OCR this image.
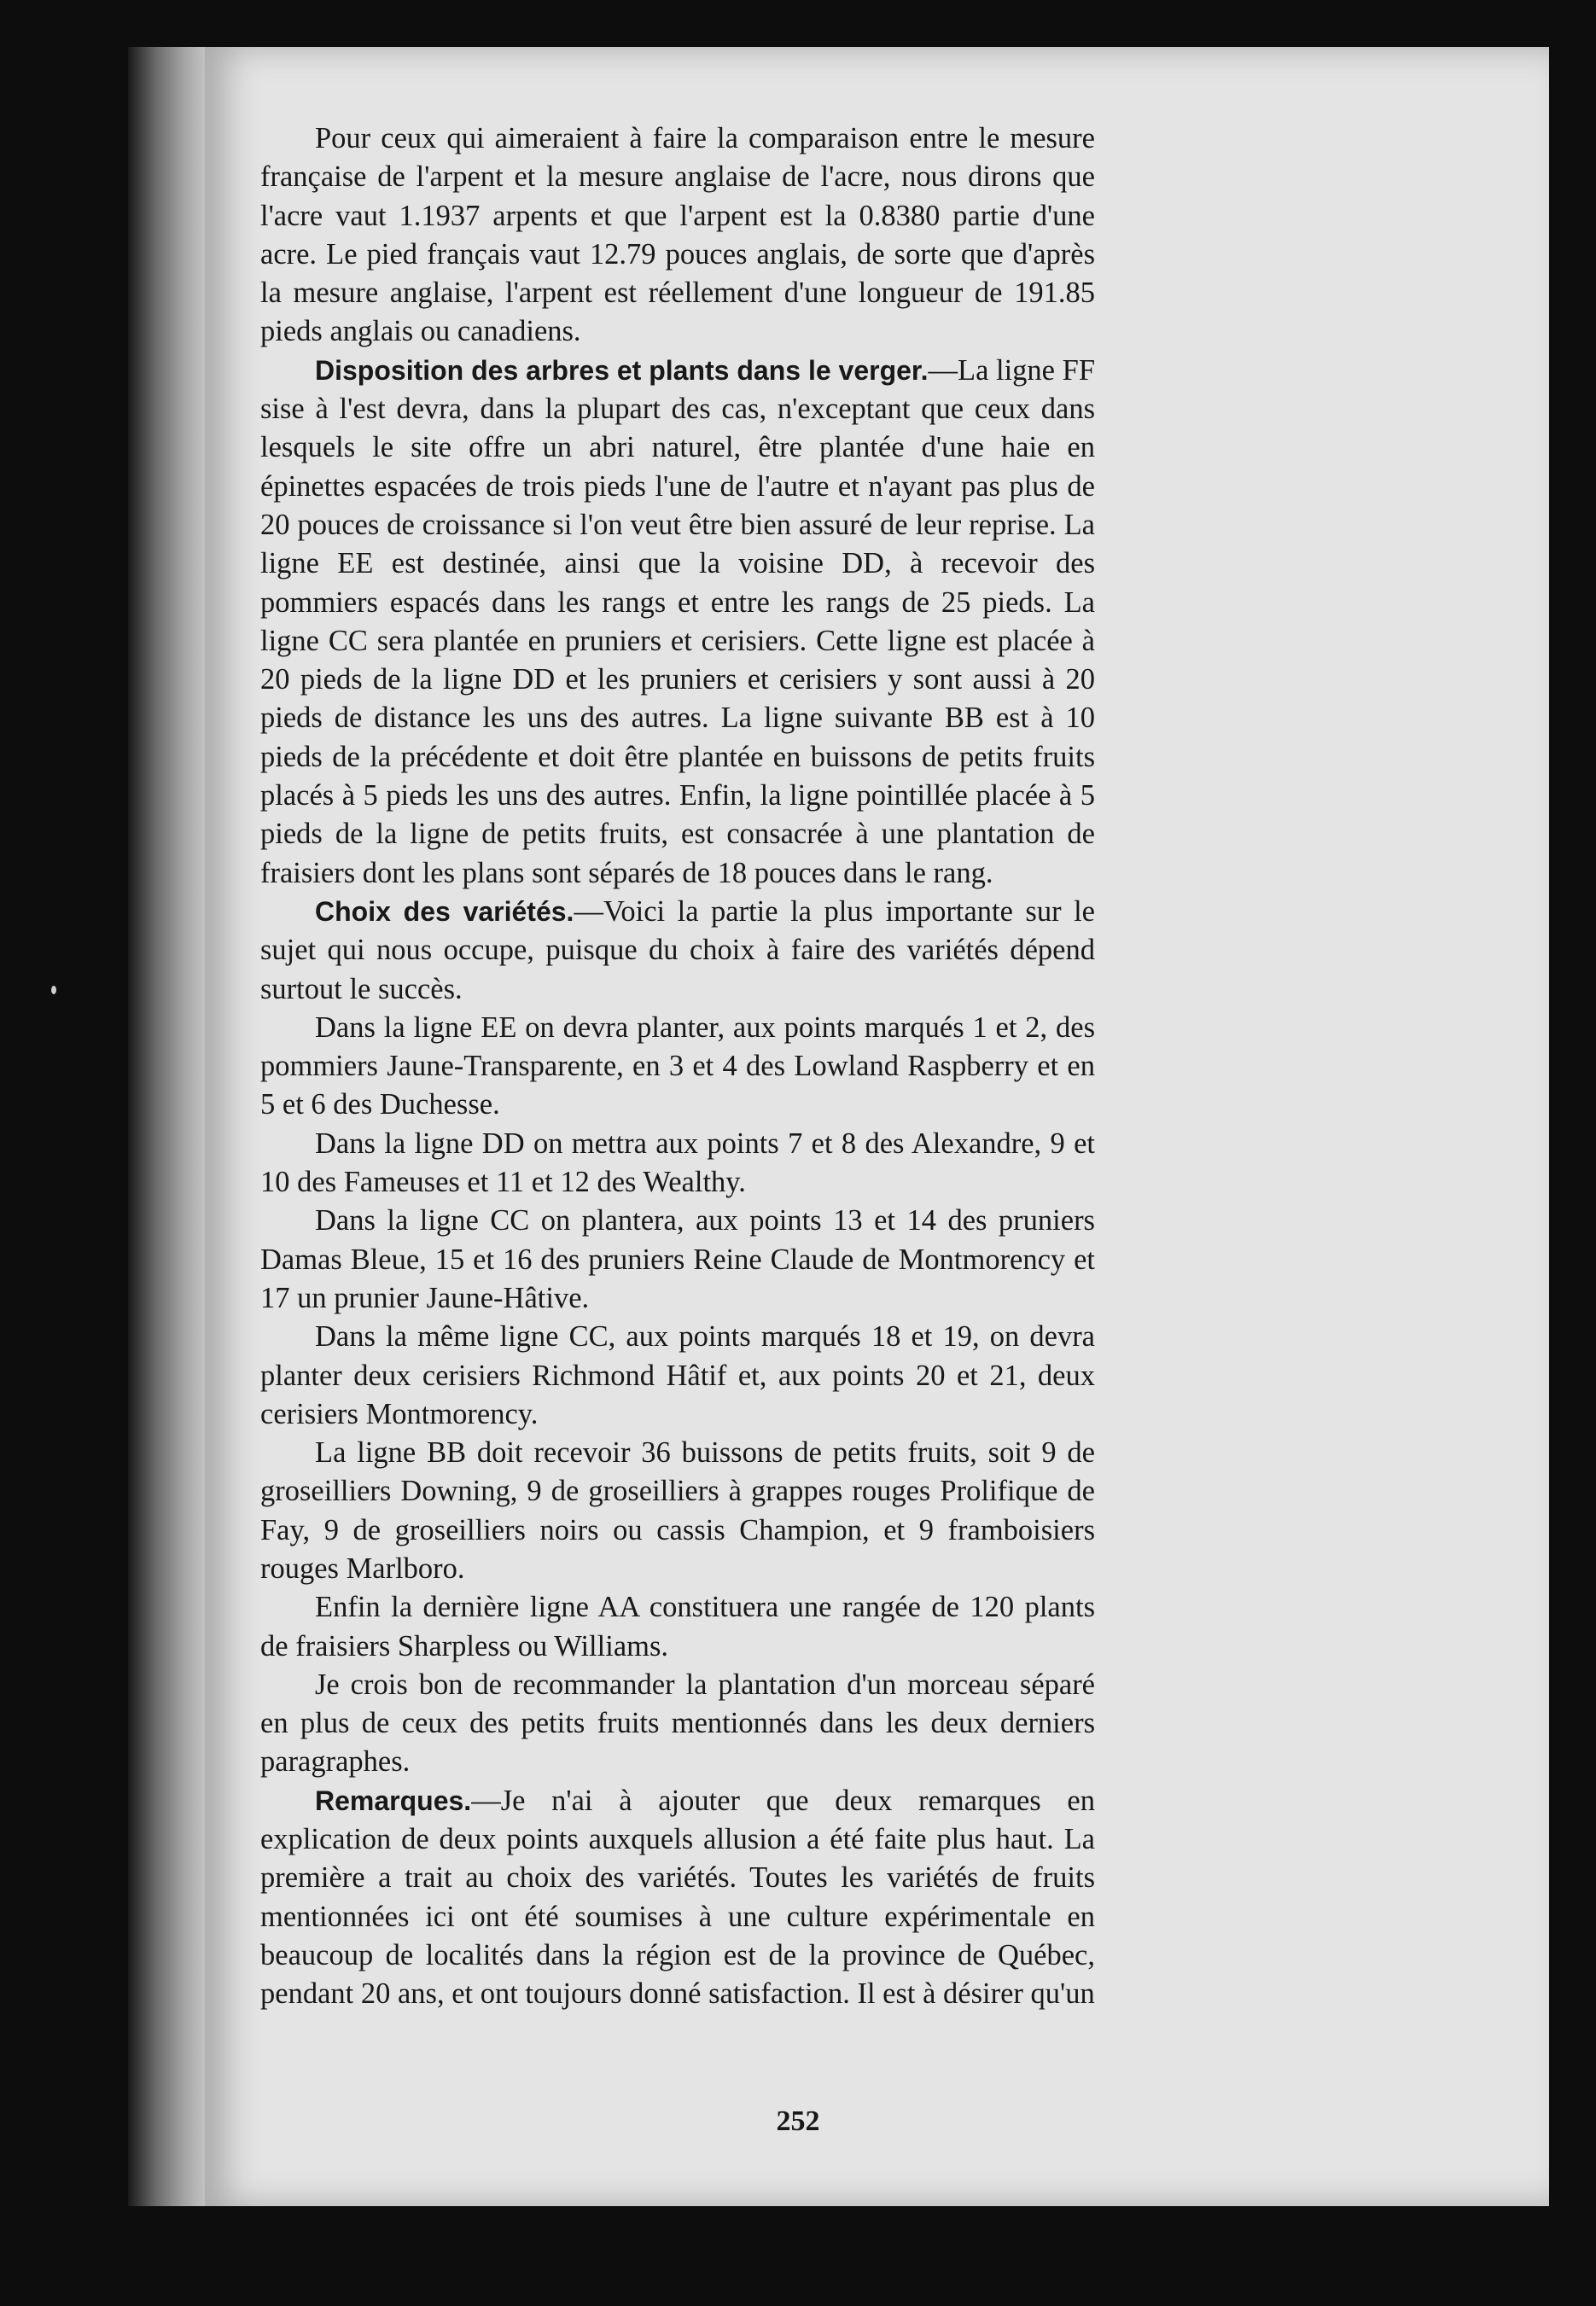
Pour ceux qui aimeraient à faire la comparaison entre le mesure française de l'arpent et la mesure anglaise de l'acre, nous dirons que l'acre vaut 1.1937 arpents et que l'arpent est la 0.8380 partie d'une acre. Le pied français vaut 12.79 pouces anglais, de sorte que d'après la mesure anglaise, l'arpent est réellement d'une longueur de 191.85 pieds anglais ou canadiens.

Disposition des arbres et plants dans le verger.—La ligne FF sise à l'est devra, dans la plupart des cas, n'exceptant que ceux dans lesquels le site offre un abri naturel, être plantée d'une haie en épinettes espacées de trois pieds l'une de l'autre et n'ayant pas plus de 20 pouces de croissance si l'on veut être bien assuré de leur reprise. La ligne EE est destinée, ainsi que la voisine DD, à recevoir des pommiers espacés dans les rangs et entre les rangs de 25 pieds. La ligne CC sera plantée en pruniers et cerisiers. Cette ligne est placée à 20 pieds de la ligne DD et les pruniers et cerisiers y sont aussi à 20 pieds de distance les uns des autres. La ligne suivante BB est à 10 pieds de la précédente et doit être plantée en buissons de petits fruits placés à 5 pieds les uns des autres. Enfin, la ligne pointillée placée à 5 pieds de la ligne de petits fruits, est consacrée à une plantation de fraisiers dont les plans sont séparés de 18 pouces dans le rang.

Choix des variétés.—Voici la partie la plus importante sur le sujet qui nous occupe, puisque du choix à faire des variétés dépend surtout le succès.

Dans la ligne EE on devra planter, aux points marqués 1 et 2, des pommiers Jaune-Transparente, en 3 et 4 des Lowland Raspberry et en 5 et 6 des Duchesse.

Dans la ligne DD on mettra aux points 7 et 8 des Alexandre, 9 et 10 des Fameuses et 11 et 12 des Wealthy.

Dans la ligne CC on plantera, aux points 13 et 14 des pruniers Damas Bleue, 15 et 16 des pruniers Reine Claude de Montmorency et 17 un prunier Jaune-Hâtive.

Dans la même ligne CC, aux points marqués 18 et 19, on devra planter deux cerisiers Richmond Hâtif et, aux points 20 et 21, deux cerisiers Montmorency.

La ligne BB doit recevoir 36 buissons de petits fruits, soit 9 de groseilliers Downing, 9 de groseilliers à grappes rouges Prolifique de Fay, 9 de groseilliers noirs ou cassis Champion, et 9 framboisiers rouges Marlboro.

Enfin la dernière ligne AA constituera une rangée de 120 plants de fraisiers Sharpless ou Williams.

Je crois bon de recommander la plantation d'un morceau séparé en plus de ceux des petits fruits mentionnés dans les deux derniers paragraphes.

Remarques.—Je n'ai à ajouter que deux remarques en explication de deux points auxquels allusion a été faite plus haut. La première a trait au choix des variétés. Toutes les variétés de fruits mentionnées ici ont été soumises à une culture expérimentale en beaucoup de localités dans la région est de la province de Québec, pendant 20 ans, et ont toujours donné satisfaction. Il est à désirer qu'un

252
